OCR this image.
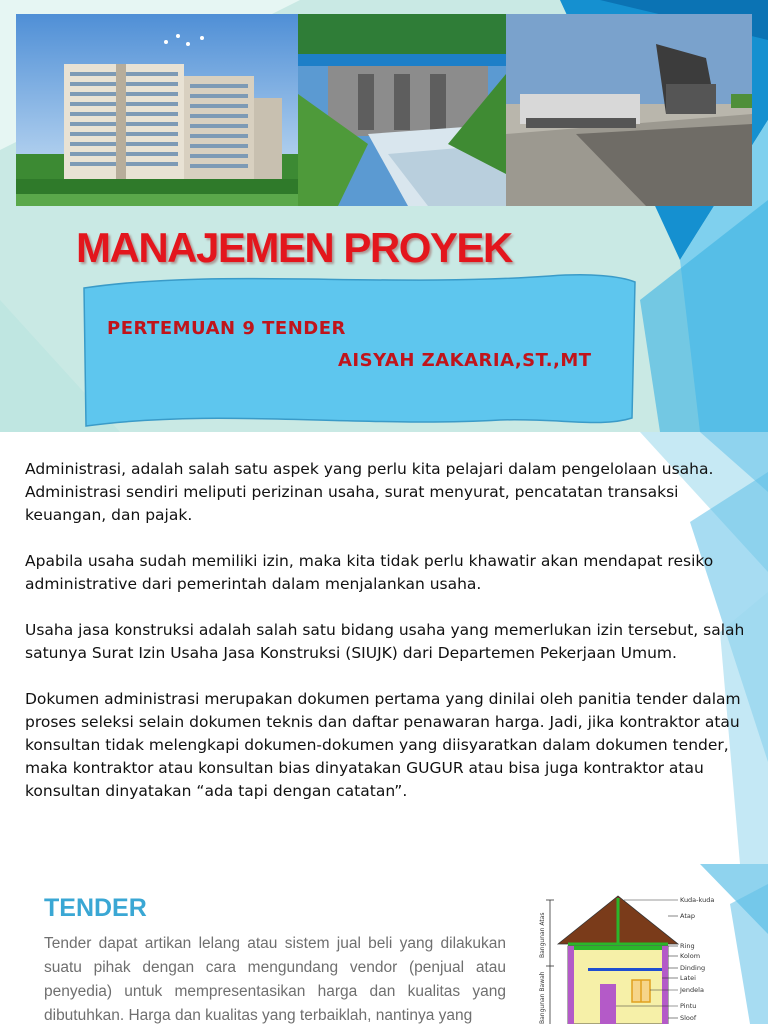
MANAJEMEN PROYEK

PERTEMUAN 9 TENDER

AISYAH ZAKARIA,ST.,MT

Administrasi, adalah salah satu aspek yang perlu kita pelajari dalam pengelolaan usaha. Administrasi sendiri meliputi perizinan usaha, surat menyurat, pencatatan transaksi keuangan, dan pajak.

Apabila usaha sudah memiliki izin, maka kita tidak perlu khawatir akan mendapat resiko administrative dari pemerintah dalam menjalankan usaha.

Usaha jasa konstruksi adalah salah satu bidang usaha yang memerlukan izin tersebut, salah satunya Surat Izin Usaha Jasa Konstruksi (SIUJK) dari Departemen Pekerjaan Umum.

Dokumen administrasi merupakan dokumen pertama yang dinilai oleh panitia tender dalam proses seleksi selain dokumen teknis dan daftar penawaran harga. Jadi, jika kontraktor atau konsultan tidak melengkapi dokumen-dokumen yang diisyaratkan dalam dokumen tender, maka kontraktor atau konsultan bias dinyatakan GUGUR atau bisa juga kontraktor atau konsultan dinyatakan “ada tapi dengan catatan”.

TENDER
Tender dapat artikan lelang atau sistem jual beli yang dilakukan suatu pihak dengan cara mengundang vendor (penjual atau penyedia) untuk mempresentasikan harga dan kualitas yang dibutuhkan. Harga dan kualitas yang terbaiklah, nantinya yang
Bangunan Atas
Bangunan Bawah
Kuda-kuda
Atap
Ring
Kolom
Dinding
Latei
Jendela
Pintu
Sloof
